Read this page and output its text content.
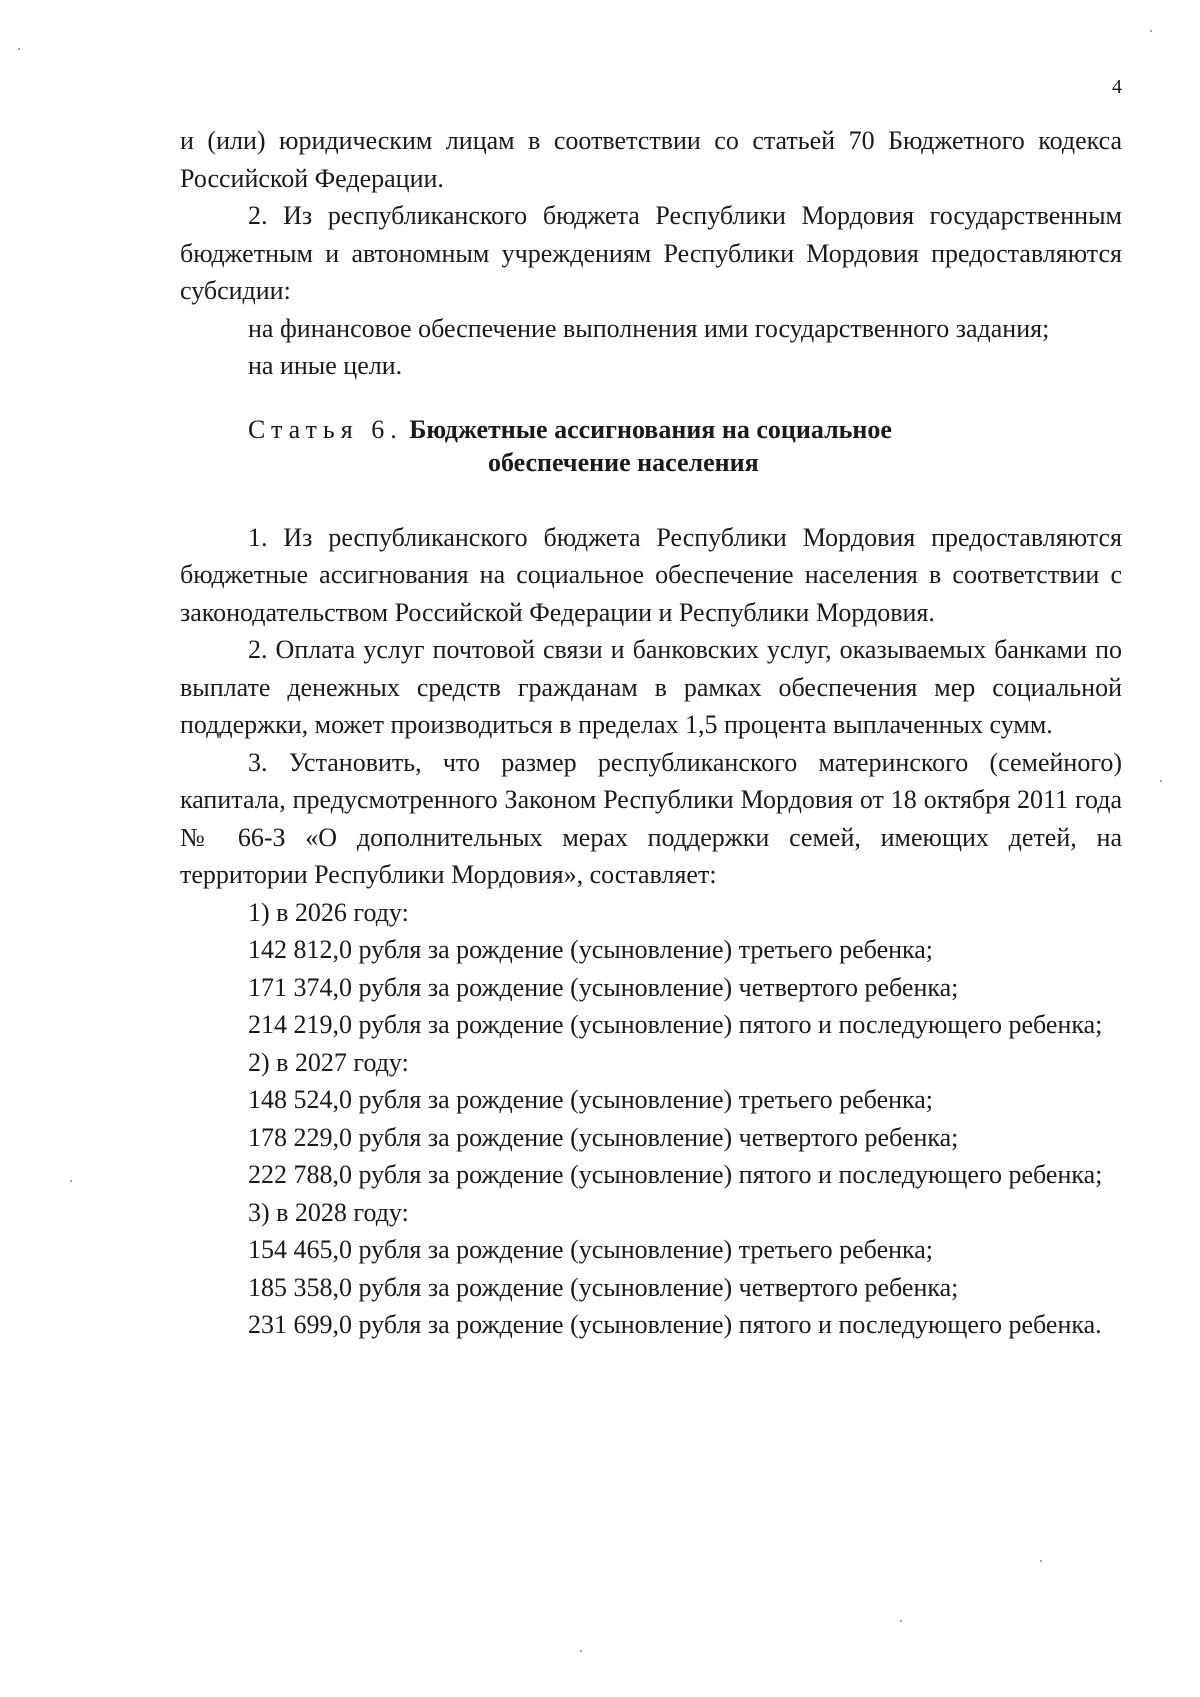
4

и (или) юридическим лицам в соответствии со статьей 70 Бюджетного кодекса Российской Федерации.

2. Из республиканского бюджета Республики Мордовия государственным бюджетным и автономным учреждениям Республики Мордовия предоставляются субсидии:

на финансовое обеспечение выполнения ими государственного задания;

на иные цели.

Статья 6. Бюджетные ассигнования на социальное
обеспечение населения

1. Из республиканского бюджета Республики Мордовия предоставляются бюджетные ассигнования на социальное обеспечение населения в соответствии с законодательством Российской Федерации и Республики Мордовия.

2. Оплата услуг почтовой связи и банковских услуг, оказываемых банками по выплате денежных средств гражданам в рамках обеспечения мер социальной поддержки, может производиться в пределах 1,5 процента выплаченных сумм.

3. Установить, что размер республиканского материнского (семейного) капитала, предусмотренного Законом Республики Мордовия от 18 октября 2011 года № 66-З «О дополнительных мерах поддержки семей, имеющих детей, на территории Республики Мордовия», составляет:

1) в 2026 году:

142 812,0 рубля за рождение (усыновление) третьего ребенка;

171 374,0 рубля за рождение (усыновление) четвертого ребенка;

214 219,0 рубля за рождение (усыновление) пятого и последующего ребенка;

2) в 2027 году:

148 524,0 рубля за рождение (усыновление) третьего ребенка;

178 229,0 рубля за рождение (усыновление) четвертого ребенка;

222 788,0 рубля за рождение (усыновление) пятого и последующего ребенка;

3) в 2028 году:

154 465,0 рубля за рождение (усыновление) третьего ребенка;

185 358,0 рубля за рождение (усыновление) четвертого ребенка;

231 699,0 рубля за рождение (усыновление) пятого и последующего ребенка.
